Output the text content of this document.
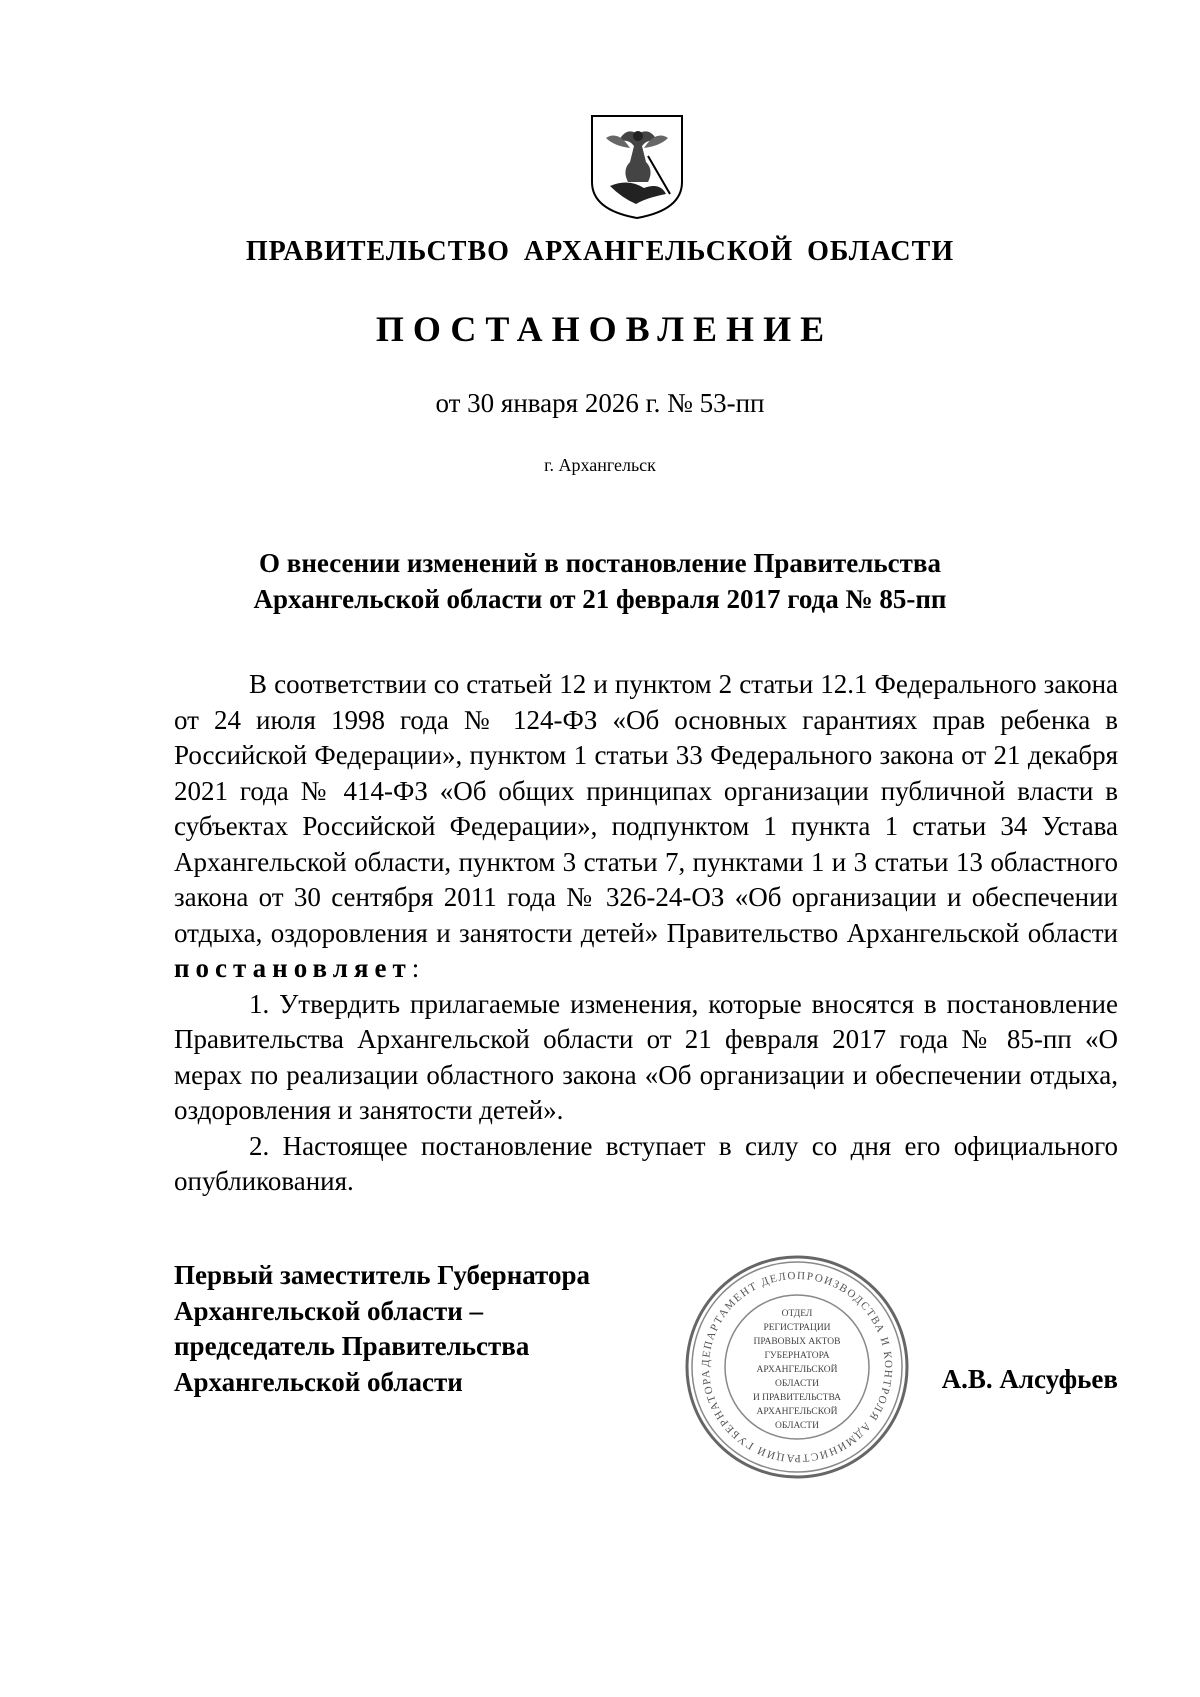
ПРАВИТЕЛЬСТВО АРХАНГЕЛЬСКОЙ ОБЛАСТИ
ПОСТАНОВЛЕНИЕ
от 30 января 2026 г. № 53-пп
г. Архангельск
О внесении изменений в постановление Правительства
Архангельской области от 21 февраля 2017 года № 85-пп

В соответствии со статьей 12 и пунктом 2 статьи 12.1 Федерального закона от 24 июля 1998 года № 124-ФЗ «Об основных гарантиях прав ребенка в Российской Федерации», пунктом 1 статьи 33 Федерального закона от 21 декабря 2021 года № 414-ФЗ «Об общих принципах организации публичной власти в субъектах Российской Федерации», подпунктом 1 пункта 1 статьи 34 Устава Архангельской области, пунктом 3 статьи 7, пунктами 1 и 3 статьи 13 областного закона от 30 сентября 2011 года № 326-24-ОЗ «Об организации и обеспечении отдыха, оздоровления и занятости детей» Правительство Архангельской области постановляет:

1. Утвердить прилагаемые изменения, которые вносятся в постановление Правительства Архангельской области от 21 февраля 2017 года № 85-пп «О мерах по реализации областного закона «Об организации и обеспечении отдыха, оздоровления и занятости детей».

2. Настоящее постановление вступает в силу со дня его официального опубликования.

Первый заместитель Губернатора
Архангельской области –
председатель Правительства
Архангельской области
ДЕПАРТАМЕНТ ДЕЛОПРОИЗВОДСТВА И КОНТРОЛЯ АДМИНИСТРАЦИИ ГУБЕРНАТОРА
ОТДЕЛ
РЕГИСТРАЦИИ
ПРАВОВЫХ АКТОВ
ГУБЕРНАТОРА
АРХАНГЕЛЬСКОЙ
ОБЛАСТИ
И ПРАВИТЕЛЬСТВА
АРХАНГЕЛЬСКОЙ
ОБЛАСТИ
А.В. Алсуфьев
